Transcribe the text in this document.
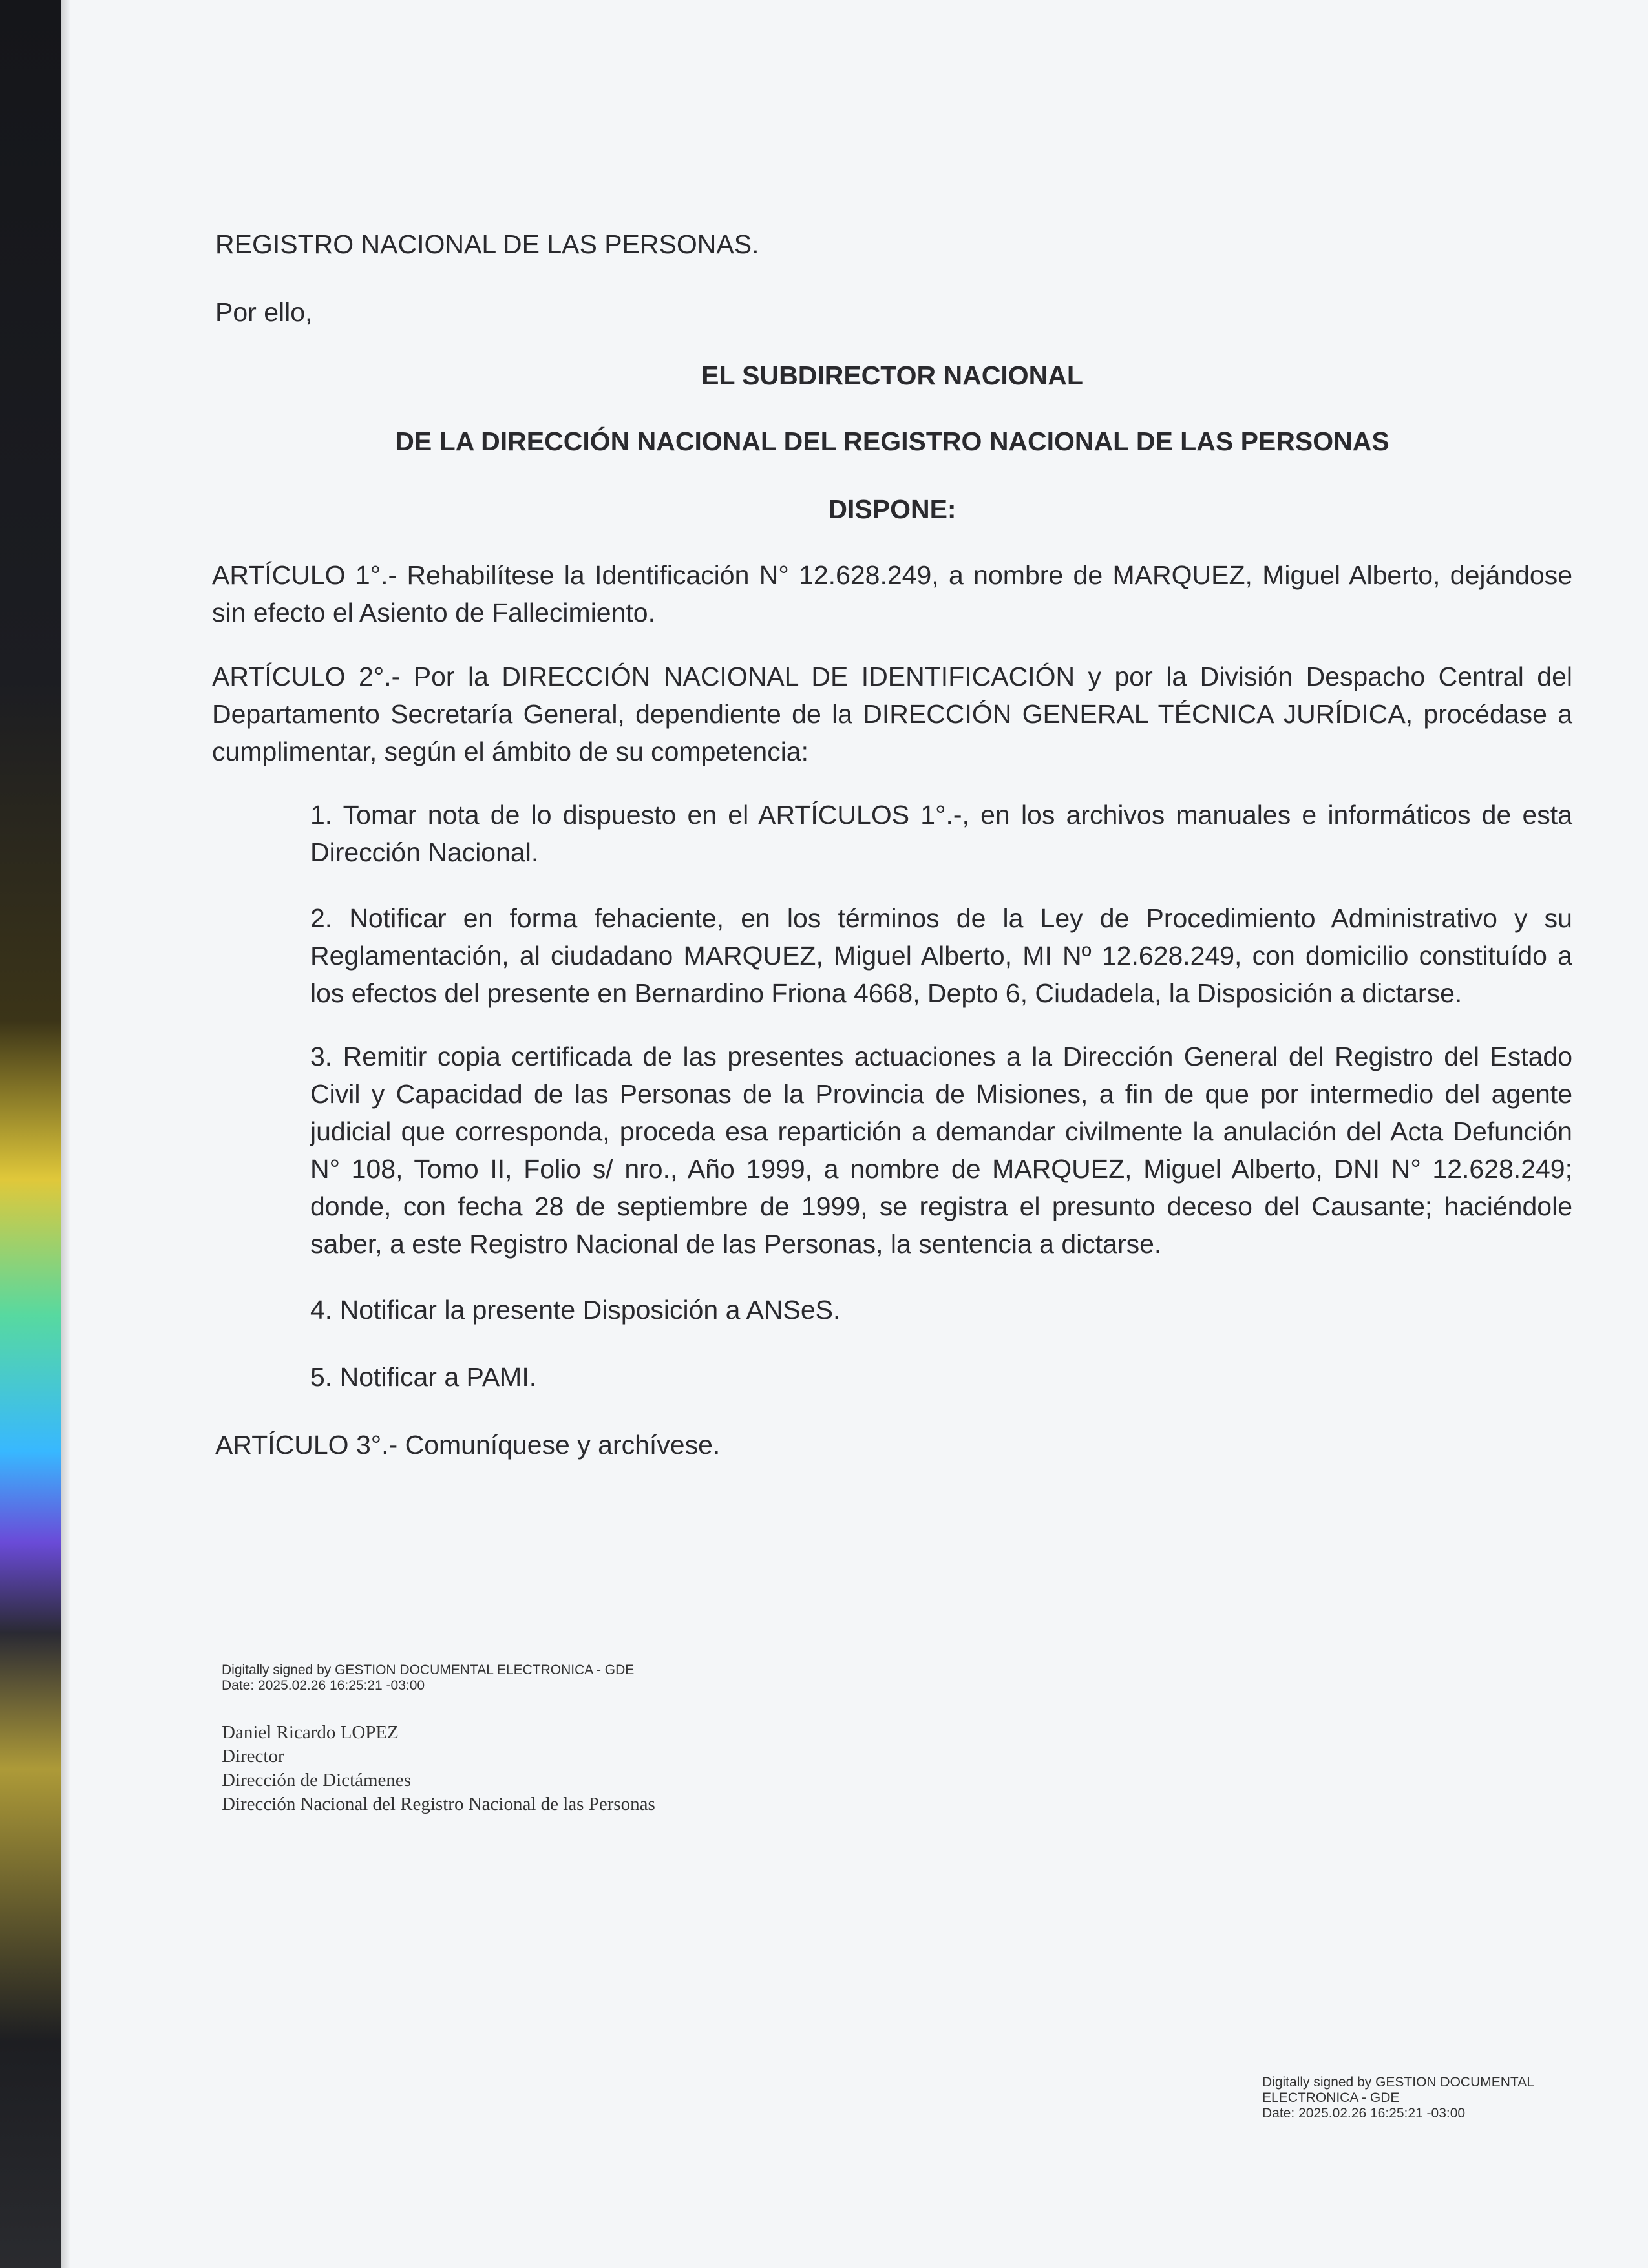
REGISTRO NACIONAL DE LAS PERSONAS.
Por ello,
EL SUBDIRECTOR NACIONAL
DE LA DIRECCIÓN NACIONAL DEL REGISTRO NACIONAL DE LAS PERSONAS
DISPONE:
ARTÍCULO 1°.- Rehabilítese la Identificación N° 12.628.249, a nombre de MARQUEZ, Miguel Alberto, dejándose sin efecto el Asiento de Fallecimiento.
ARTÍCULO 2°.- Por la DIRECCIÓN NACIONAL DE IDENTIFICACIÓN y por la División Despacho Central del Departamento Secretaría General, dependiente de la DIRECCIÓN GENERAL TÉCNICA JURÍDICA, procédase a cumplimentar, según el ámbito de su competencia:
1. Tomar nota de lo dispuesto en el ARTÍCULOS 1°.-, en los archivos manuales e informáticos de esta Dirección Nacional.
2. Notificar en forma fehaciente, en los términos de la Ley de Procedimiento Administrativo y su Reglamentación, al ciudadano MARQUEZ, Miguel Alberto, MI Nº 12.628.249, con domicilio constituído a los efectos del presente en Bernardino Friona 4668, Depto 6, Ciudadela, la Disposición a dictarse.
3. Remitir copia certificada de las presentes actuaciones a la Dirección General del Registro del Estado Civil y Capacidad de las Personas de la Provincia de Misiones, a fin de que por intermedio del agente judicial que corresponda, proceda esa repartición a demandar civilmente la anulación del Acta Defunción N° 108, Tomo II, Folio s/ nro., Año 1999, a nombre de MARQUEZ, Miguel Alberto, DNI N° 12.628.249; donde, con fecha 28 de septiembre de 1999, se registra el presunto deceso del Causante; haciéndole saber, a este Registro Nacional de las Personas, la sentencia a dictarse.
4. Notificar la presente Disposición a ANSeS.
5. Notificar a PAMI.
ARTÍCULO 3°.- Comuníquese y archívese.
Digitally signed by GESTION DOCUMENTAL ELECTRONICA - GDE
Date: 2025.02.26 16:25:21 -03:00
Daniel Ricardo LOPEZ
Director
Dirección de Dictámenes
Dirección Nacional del Registro Nacional de las Personas
Digitally signed by GESTION DOCUMENTAL
ELECTRONICA - GDE
Date: 2025.02.26 16:25:21 -03:00
